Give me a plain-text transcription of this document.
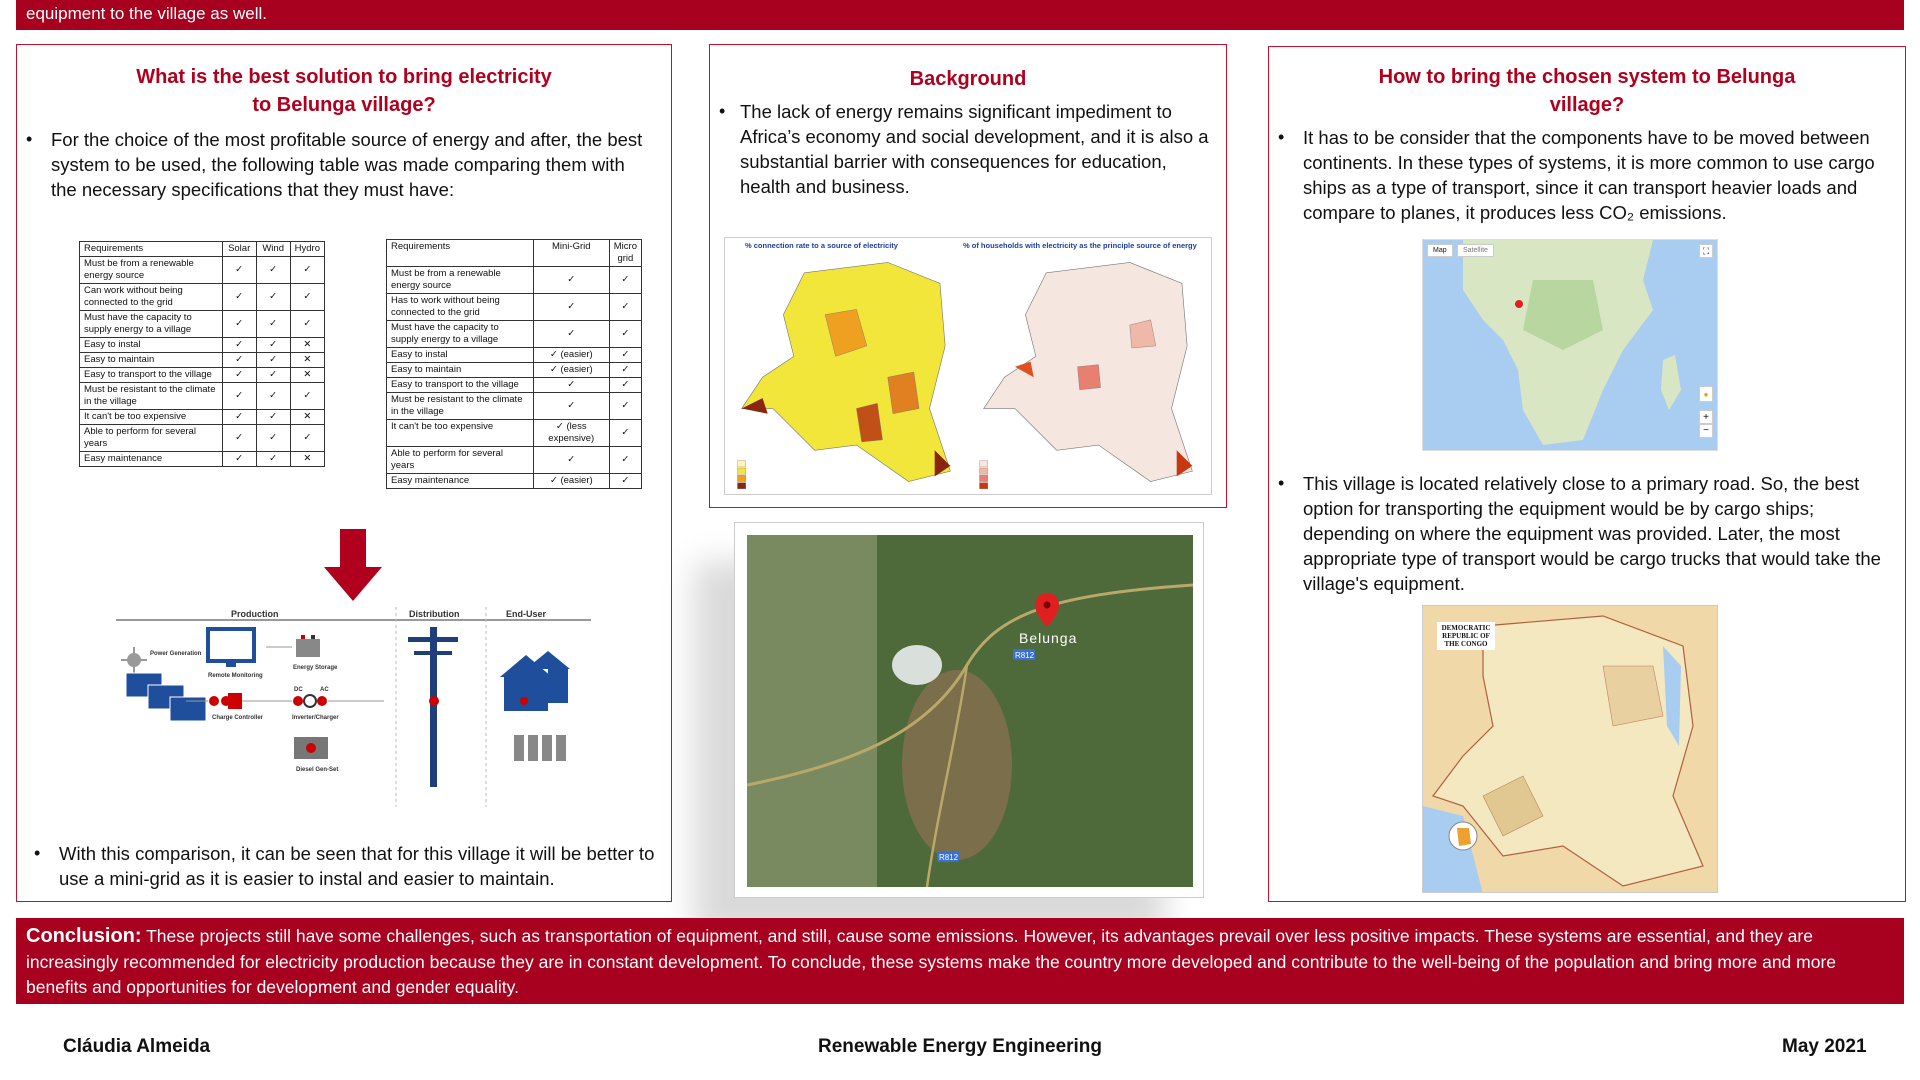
equipment to the village as well.
What is the best solution to bring electricity
to Belunga village?
• For the choice of the most profitable source of energy and after, the best system to be used, the following table was made comparing them with the necessary specifications that they must have:
Requirements	Solar	Wind	Hydro
Must be from a renewable energy source	✓	✓	✓
Can work without being connected to the grid	✓	✓	✓
Must have the capacity to supply energy to a village	✓	✓	✓
Easy to instal	✓	✓	✕
Easy to maintain	✓	✓	✕
Easy to transport to the village	✓	✓	✕
Must be resistant to the climate in the village	✓	✓	✓
It can't be too expensive	✓	✓	✕
Able to perform for several years	✓	✓	✓
Easy maintenance	✓	✓	✕
Requirements	Mini-Grid	Micro grid
Must be from a renewable energy source	✓	✓
Has to work without being connected to the grid	✓	✓
Must have the capacity to supply energy to a village	✓	✓
Easy to instal	✓ (easier)	✓
Easy to maintain	✓ (easier)	✓
Easy to transport to the village	✓	✓
Must be resistant to the climate in the village	✓	✓
It can't be too expensive	✓ (less expensive)	✓
Able to perform for several years	✓	✓
Easy maintenance	✓ (easier)	✓
Production	Distribution	End-User
Power Generation
Remote Monitoring
Energy Storage
Charge Controller
DC	AC
Inverter/Charger
Diesel Gen-Set
• With this comparison, it can be seen that for this village it will be better to use a mini-grid as it is easier to instal and easier to maintain.
Background
• The lack of energy remains significant impediment to Africa’s economy and social development, and it is also a substantial barrier with consequences for education, health and business.
% connection rate to a source of electricity	% of households with electricity as the principle source of energy
Belunga
R812
R812
How to bring the chosen system to Belunga
village?
• It has to be consider that the components have to be moved between continents. In these types of systems, it is more common to use cargo ships as a type of transport, since it can transport heavier loads and compare to planes, it produces less CO₂ emissions.
Map	Satellite	⛶
●
+
−
• This village is located relatively close to a primary road. So, the best option for transporting the equipment would be by cargo ships; depending on where the equipment was provided. Later, the most appropriate type of transport would be cargo trucks that would take the village's equipment.
DEMOCRATIC REPUBLIC OF THE CONGO
Conclusion: These projects still have some challenges, such as transportation of equipment, and still, cause some emissions. However, its advantages prevail over less positive impacts. These systems are essential, and they are increasingly recommended for electricity production because they are in constant development. To conclude, these systems make the country more developed and contribute to the well-being of the population and bring more and more benefits and opportunities for development and gender equality.
Cláudia Almeida	Renewable Energy Engineering	May 2021
